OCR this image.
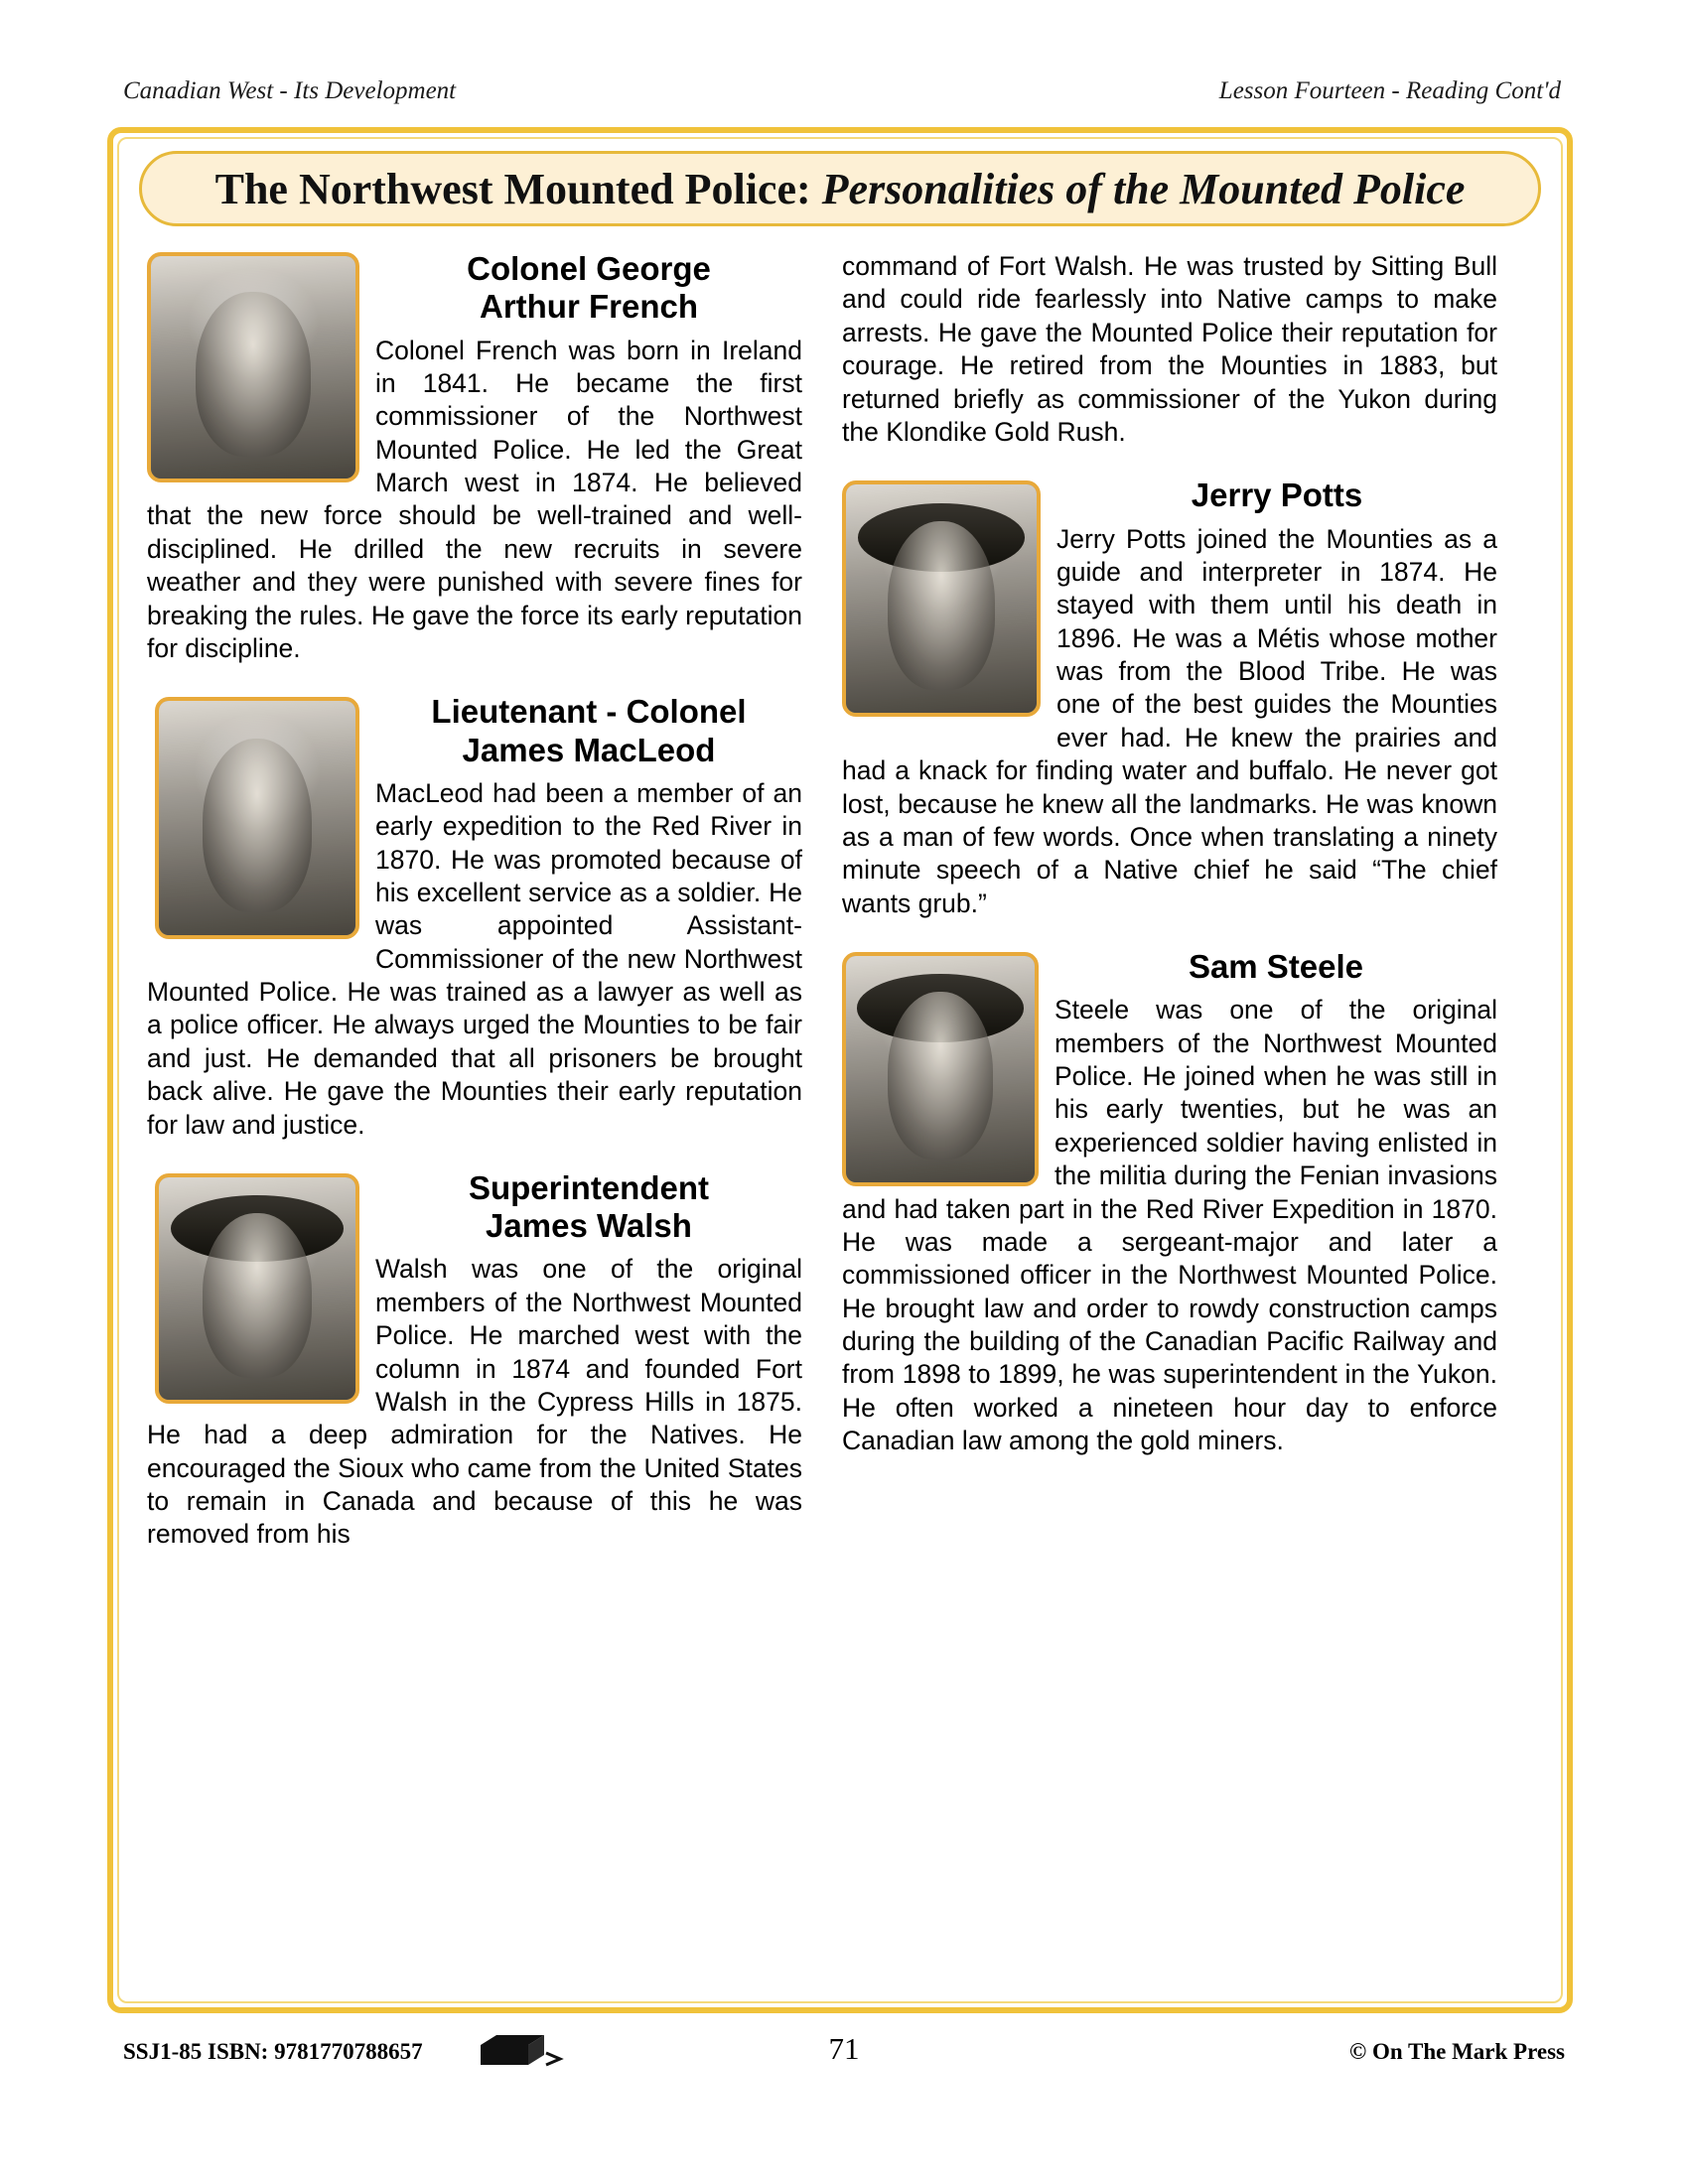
Canadian West - Its Development	Lesson Fourteen - Reading Cont'd
The Northwest Mounted Police: Personalities of the Mounted Police
Colonel George
Arthur French

Colonel French was born in Ireland in 1841. He became the first commissioner of the Northwest Mounted Police. He led the Great March west in 1874. He believed that the new force should be well-trained and well-disciplined. He drilled the new recruits in severe weather and they were punished with severe fines for breaking the rules. He gave the force its early reputation for discipline.

Lieutenant - Colonel
James MacLeod

MacLeod had been a member of an early expedition to the Red River in 1870. He was promoted because of his excellent service as a soldier. He was appointed Assistant-Commissioner of the new Northwest Mounted Police. He was trained as a lawyer as well as a police officer. He always urged the Mounties to be fair and just. He demanded that all prisoners be brought back alive. He gave the Mounties their early reputation for law and justice.

Superintendent
James Walsh

Walsh was one of the original members of the Northwest Mounted Police. He marched west with the column in 1874 and founded Fort Walsh in the Cypress Hills in 1875. He had a deep admiration for the Natives. He encouraged the Sioux who came from the United States to remain in Canada and because of this he was removed from his

command of Fort Walsh. He was trusted by Sitting Bull and could ride fearlessly into Native camps to make arrests. He gave the Mounted Police their reputation for courage. He retired from the Mounties in 1883, but returned briefly as commissioner of the Yukon during the Klondike Gold Rush.

Jerry Potts

Jerry Potts joined the Mounties as a guide and interpreter in 1874. He stayed with them until his death in 1896. He was a Métis whose mother was from the Blood Tribe. He was one of the best guides the Mounties ever had. He knew the prairies and had a knack for finding water and buffalo. He never got lost, because he knew all the landmarks. He was known as a man of few words. Once when translating a ninety minute speech of a Native chief he said “The chief wants grub.”

Sam Steele

Steele was one of the original members of the Northwest Mounted Police. He joined when he was still in his early twenties, but he was an experienced soldier having enlisted in the militia during the Fenian invasions and had taken part in the Red River Expedition in 1870. He was made a sergeant-major and later a commissioned officer in the Northwest Mounted Police. He brought law and order to rowdy construction camps during the building of the Canadian Pacific Railway and from 1898 to 1899, he was superintendent in the Yukon. He often worked a nineteen hour day to enforce Canadian law among the gold miners.

SSJ1-85 ISBN: 9781770788657	71	© On The Mark Press
